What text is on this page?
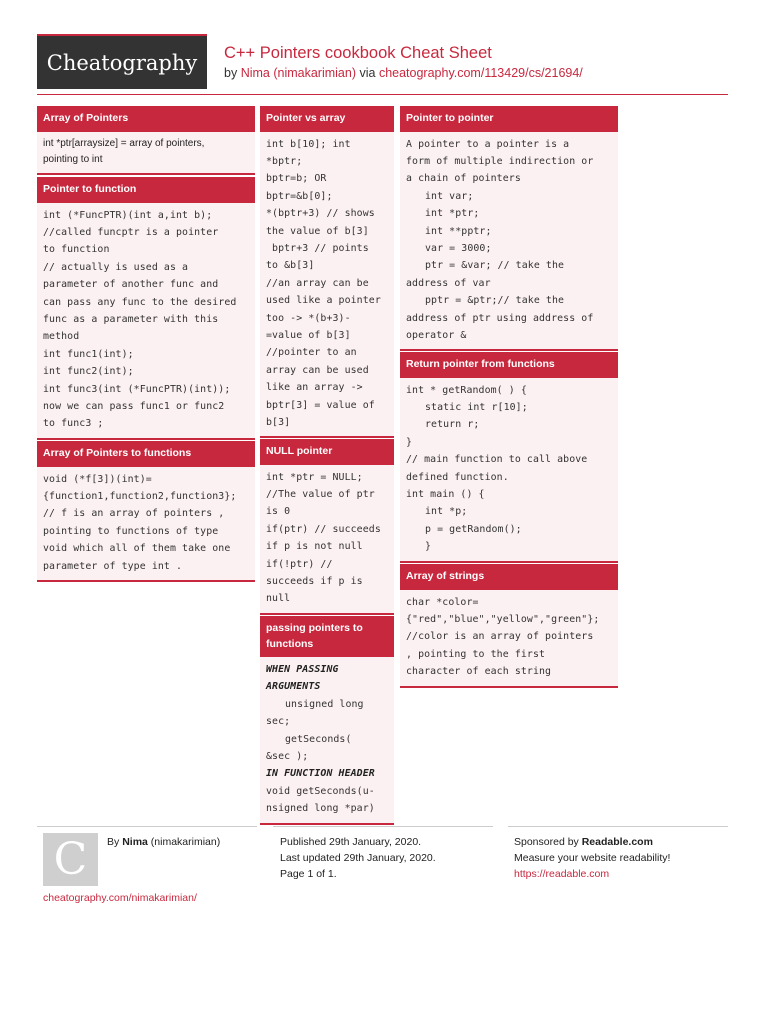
Cheatography	C++ Pointers cookbook Cheat Sheet
by Nima (nimakarimian) via cheatography.com/113429/cs/21694/
Array of Pointers
int *ptr[arraysize] = array of pointers,
pointing to int
Pointer to function
int (*FuncPTR)(int a,int b);
//called funcptr is a pointer
to function
// actually is used as a
parameter of another func and
can pass any func to the desired
func as a parameter with this
method
int func1(int);
int func2(int);
int func3(int (*FuncPTR)(int));
now we can pass func1 or func2
to func3 ;
Array of Pointers to functions
void (*f[3])(int)=
{function1,function2,function3};
// f is an array of pointers ,
pointing to functions of type
void which all of them take one
parameter of type int .
Pointer vs array
int b[10]; int
*bptr;
bptr=b; OR
bptr=&b[0];
*(bptr+3) // shows
the value of b[3]
bptr+3 // points
to &b[3]
//an array can be
used like a pointer
too -> *(b+3)-
=value of b[3]
//pointer to an
array can be used
like an array ->
bptr[3] = value of
b[3]
NULL pointer
int *ptr = NULL;
//The value of ptr
is 0
if(ptr) // succeeds
if p is not null
if(!ptr) //
succeeds if p is
null
passing pointers to functions
WHEN PASSING
ARGUMENTS
unsigned long
sec;
getSeconds(
&sec );
IN FUNCTION HEADER
void getSeconds(u-
nsigned long *par)
Pointer to pointer
A pointer to a pointer is a
form of multiple indirection or
a chain of pointers
int var;
int *ptr;
int **pptr;
var = 3000;
ptr = &var; // take the
address of var
pptr = &ptr;// take the
address of ptr using address of
operator &
Return pointer from functions
int * getRandom( ) {
static int r[10];
return r;
}
// main function to call above
defined function.
int main () {
int *p;
p = getRandom();
}
Array of strings
char *color=
{"red","blue","yellow","green"};
//color is an array of pointers
, pointing to the first
character of each string
C	By Nima (nimakarimian)
cheatography.com/nimakarimian/
Published 29th January, 2020.
Last updated 29th January, 2020.
Page 1 of 1.
Sponsored by Readable.com
Measure your website readability!
https://readable.com
